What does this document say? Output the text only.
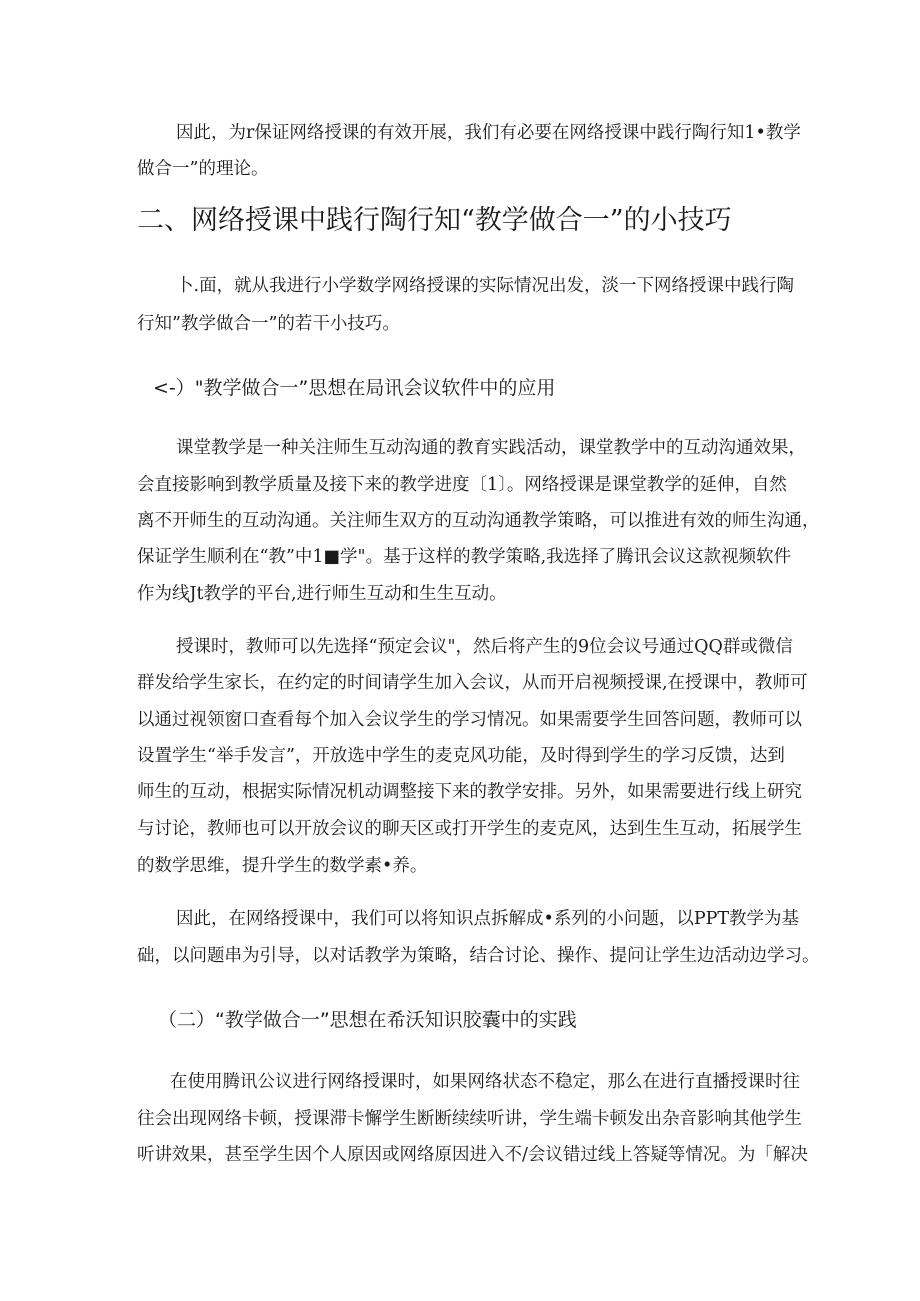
因此，为r保证网络授课的有效开展，我们有必要在网络授课中践行陶行知1•教学

做合一”的理论。

二、网络授课中践行陶行知“教学做合一”的小技巧

卜.面，就从我进行小学数学网络授课的实际情况出发，淡一下网络授课中践行陶

行知”教学做合一”的若干小技巧。

<-）"教学做合一”思想在局讯会议软件中的应用

课堂教学是一种关注师生互动沟通的教育实践活动，课堂教学中的互动沟通效果，

会直接影响到教学质量及接下来的教学进度〔1〕。网络授课是课堂教学的延伸，自然

离不开师生的互动沟通。关注师生双方的互动沟通教学策略，可以推进有效的师生沟通，

保证学生顺利在“教”中1■学"。基于这样的教学策略,我选择了腾讯会议这款视频软件

作为线Jt教学的平台,进行师生互动和生生互动。

授课时，教师可以先选择“预定会议"，然后将产生的9位会议号通过QQ群或微信

群发给学生家长，在约定的时间请学生加入会议，从而开启视频授课,在授课中，教师可

以通过视领窗口查看每个加入会议学生的学习情况。如果需要学生回答问题，教师可以

设置学生“举手发言”，开放选中学生的麦克风功能，及时得到学生的学习反馈，达到

师生的互动，根据实际情况机动调整接下来的教学安排。另外，如果需要进行线上研究

与讨论，教师也可以开放会议的聊天区或打开学生的麦克风，达到生生互动，拓展学生

的数学思维，提升学生的数学素•养。

因此，在网络授课中，我们可以将知识点拆解成•系列的小问题，以PPT教学为基

础，以问题串为引导，以对话教学为策略，结合讨论、操作、提问让学生边活动边学习。

（二）“教学做合一”思想在希沃知识胶囊中的实践

在使用腾讯公议进行网络授课时，如果网络状态不稳定，那么在进行直播授课时往

往会出现网络卡顿，授课滞卡懈学生断断续续听讲，学生端卡顿发出杂音影响其他学生

听讲效果，甚至学生因个人原因或网络原因进入不/会议错过线上答疑等情况。为「解决
